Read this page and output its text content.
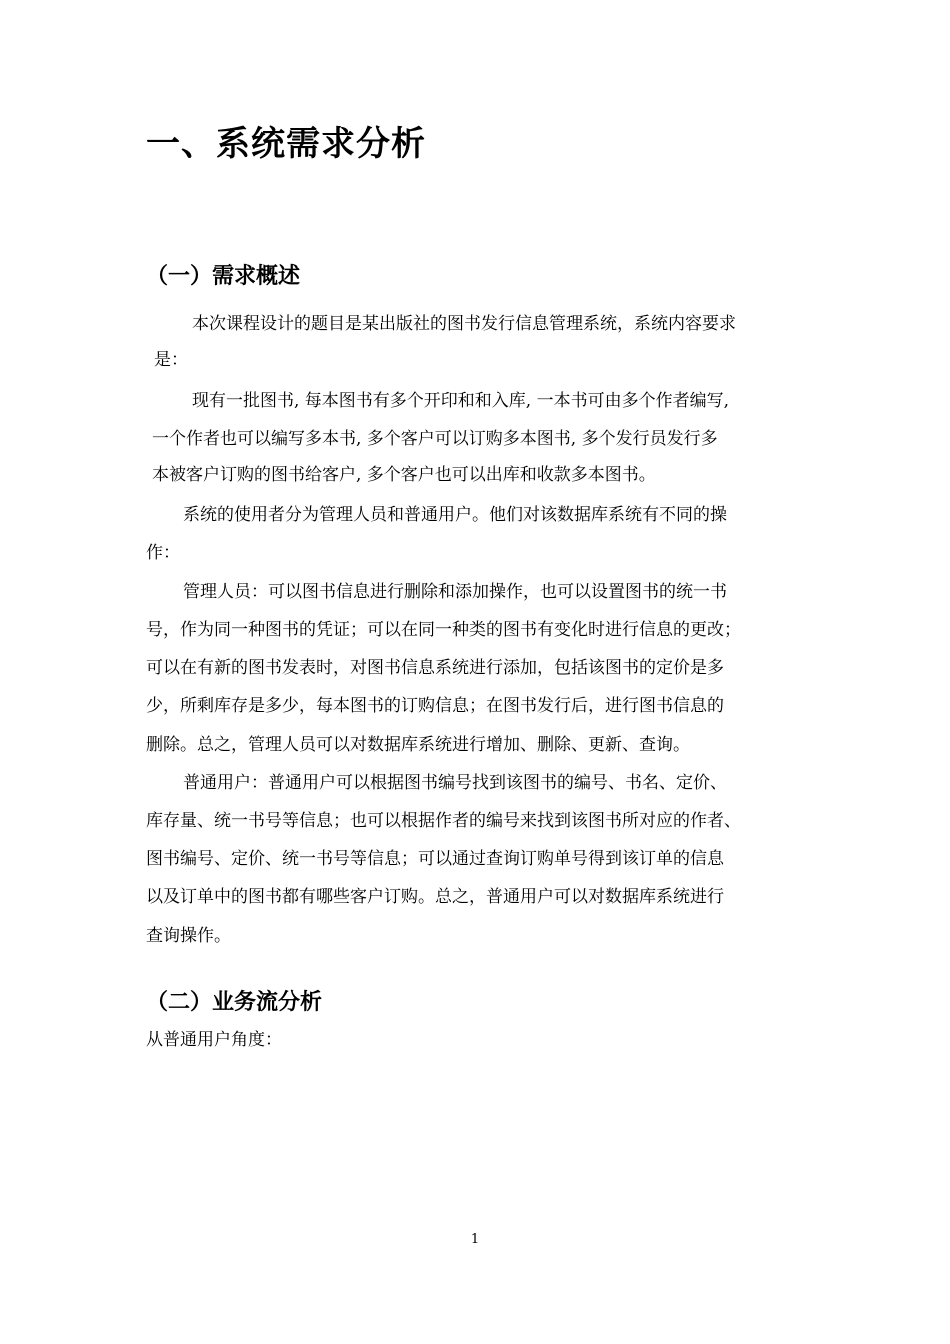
一、系统需求分析
（一）需求概述

本次课程设计的题目是某出版社的图书发行信息管理系统，系统内容要求

是：

现有一批图书, 每本图书有多个开印和和入库, 一本书可由多个作者编写,

一个作者也可以编写多本书, 多个客户可以订购多本图书, 多个发行员发行多

本被客户订购的图书给客户, 多个客户也可以出库和收款多本图书。

系统的使用者分为管理人员和普通用户。他们对该数据库系统有不同的操

作：

管理人员：可以图书信息进行删除和添加操作，也可以设置图书的统一书

号，作为同一种图书的凭证；可以在同一种类的图书有变化时进行信息的更改；

可以在有新的图书发表时，对图书信息系统进行添加，包括该图书的定价是多

少，所剩库存是多少，每本图书的订购信息；在图书发行后，进行图书信息的

删除。总之，管理人员可以对数据库系统进行增加、删除、更新、查询。

普通用户：普通用户可以根据图书编号找到该图书的编号、书名、定价、

库存量、统一书号等信息；也可以根据作者的编号来找到该图书所对应的作者、

图书编号、定价、统一书号等信息；可以通过查询订购单号得到该订单的信息

以及订单中的图书都有哪些客户订购。总之，普通用户可以对数据库系统进行

查询操作。

（二）业务流分析

从普通用户角度：

1
